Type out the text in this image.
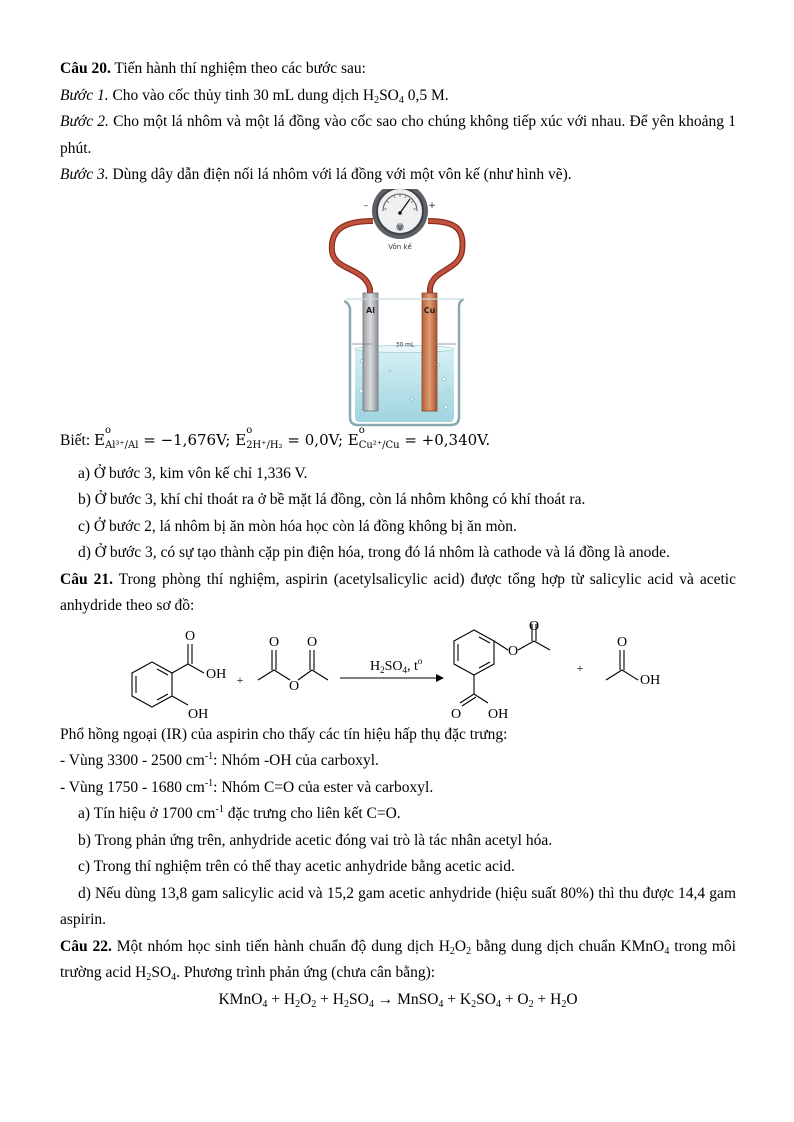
Câu 20. Tiến hành thí nghiệm theo các bước sau:

Bước 1. Cho vào cốc thủy tinh 30 mL dung dịch $H_2SO_4$ 0,5 M.

Bước 2. Cho một lá nhôm và một lá đồng vào cốc sao cho chúng không tiếp xúc với nhau. Để yên khoảng 1 phút.

Bước 3. Dùng dây dẫn điện nối lá nhôm với lá đồng với một vôn kế (như hình vẽ).

V
–	+
Vôn kế
Al	Cu
30 mL
Biết: E
o
$_{Al^{3+}/Al}$ = −1,676V; E
o
$_{2H^+/H_2}$ = 0,0V; E
o
$_{Cu^{2+}/Cu}$ = +0,340V.

a) Ở bước 3, kim vôn kế chỉ 1,336 V.

b) Ở bước 3, khí chỉ thoát ra ở bề mặt lá đồng, còn lá nhôm không có khí thoát ra.

c) Ở bước 2, lá nhôm bị ăn mòn hóa học còn lá đồng không bị ăn mòn.

d) Ở bước 3, có sự tạo thành cặp pin điện hóa, trong đó lá nhôm là cathode và lá đồng là anode.

Câu 21. Trong phòng thí nghiệm, aspirin (acetylsalicylic acid) được tổng hợp từ salicylic acid và acetic anhydride theo sơ đồ:

O
OH
OH
+
O O
O
$H_2SO_4$, $t^o$
O
O
O OH
+
O
OH

Phổ hồng ngoại (IR) của aspirin cho thấy các tín hiệu hấp thụ đặc trưng:

- Vùng 3300 - 2500 $cm^{-1}$: Nhóm -OH của carboxyl.

- Vùng 1750 - 1680 $cm^{-1}$: Nhóm C=O của ester và carboxyl.

a) Tín hiệu ở 1700 $cm^{-1}$ đặc trưng cho liên kết C=O.

b) Trong phản ứng trên, anhydride acetic đóng vai trò là tác nhân acetyl hóa.

c) Trong thí nghiệm trên có thể thay acetic anhydride bằng acetic acid.

d) Nếu dùng 13,8 gam salicylic acid và 15,2 gam acetic anhydride (hiệu suất 80%) thì thu được 14,4 gam aspirin.

Câu 22. Một nhóm học sinh tiến hành chuẩn độ dung dịch $H_2O_2$ bằng dung dịch chuẩn KMnO$_4$ trong môi trường acid $H_2SO_4$. Phương trình phản ứng (chưa cân bằng):

KMnO$_4$ + $H_2O_2 + H_2SO_4$ → MnSO$_4$ + $K_2SO_4 + O_2 + H_2O$
